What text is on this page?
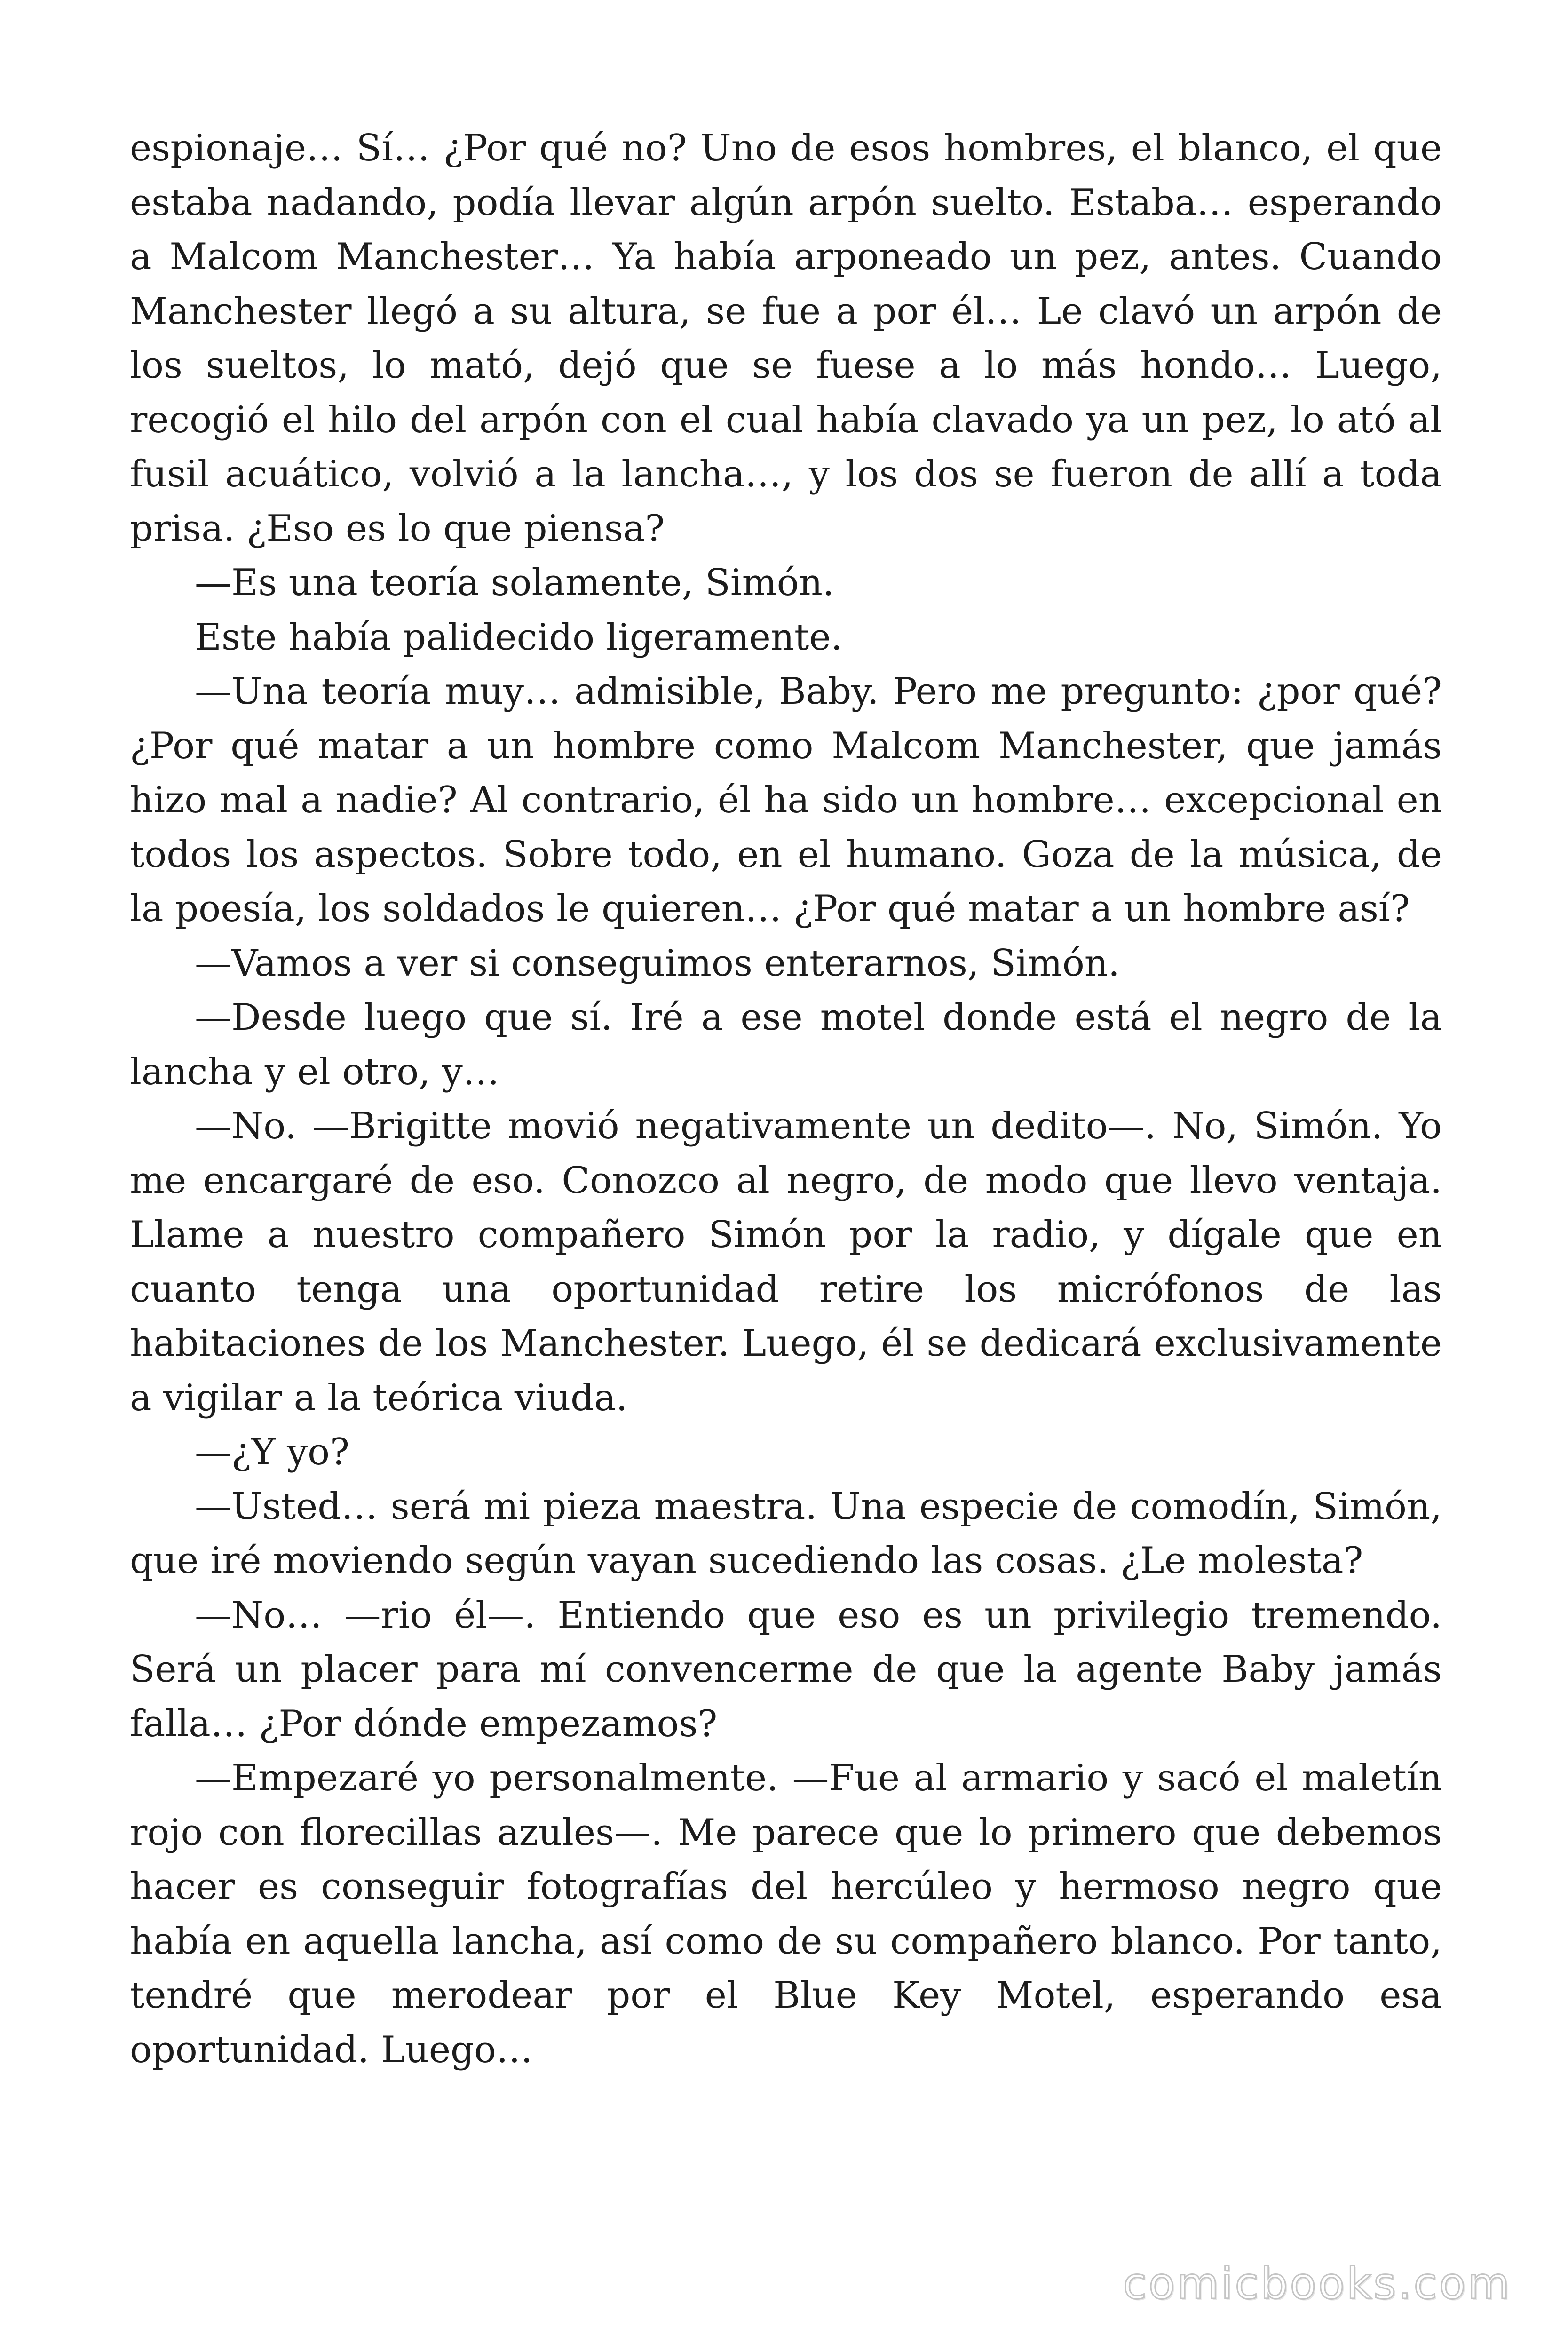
espionaje… Sí… ¿Por qué no? Uno de esos hombres, el blanco, el que estaba nadando, podía llevar algún arpón suelto. Estaba… esperando a Malcom Manchester… Ya había arponeado un pez, antes. Cuando Manchester llegó a su altura, se fue a por él… Le clavó un arpón de los sueltos, lo mató, dejó que se fuese a lo más hondo… Luego, recogió el hilo del arpón con el cual había clavado ya un pez, lo ató al fusil acuático, volvió a la lancha…, y los dos se fueron de allí a toda prisa. ¿Eso es lo que piensa?

—Es una teoría solamente, Simón.

Este había palidecido ligeramente.

—Una teoría muy… admisible, Baby. Pero me pregunto: ¿por qué? ¿Por qué matar a un hombre como Malcom Manchester, que jamás hizo mal a nadie? Al contrario, él ha sido un hombre… excepcional en todos los aspectos. Sobre todo, en el humano. Goza de la música, de la poesía, los soldados le quieren… ¿Por qué matar a un hombre así?

—Vamos a ver si conseguimos enterarnos, Simón.

—Desde luego que sí. Iré a ese motel donde está el negro de la lancha y el otro, y…

—No. —Brigitte movió negativamente un dedito—. No, Simón. Yo me encargaré de eso. Conozco al negro, de modo que llevo ventaja. Llame a nuestro compañero Simón por la radio, y dígale que en cuanto tenga una oportunidad retire los micrófonos de las habitaciones de los Manchester. Luego, él se dedicará exclusivamente a vigilar a la teórica viuda.

—¿Y yo?

—Usted… será mi pieza maestra. Una especie de comodín, Simón, que iré moviendo según vayan sucediendo las cosas. ¿Le molesta?

—No… —rio él—. Entiendo que eso es un privilegio tremendo. Será un placer para mí convencerme de que la agente Baby jamás falla… ¿Por dónde empezamos?

—Empezaré yo personalmente. —Fue al armario y sacó el maletín rojo con florecillas azules—. Me parece que lo primero que debemos hacer es conseguir fotografías del hercúleo y hermoso negro que había en aquella lancha, así como de su compañero blanco. Por tanto, tendré que merodear por el Blue Key Motel, esperando esa oportunidad. Luego…

comicbooks.com
